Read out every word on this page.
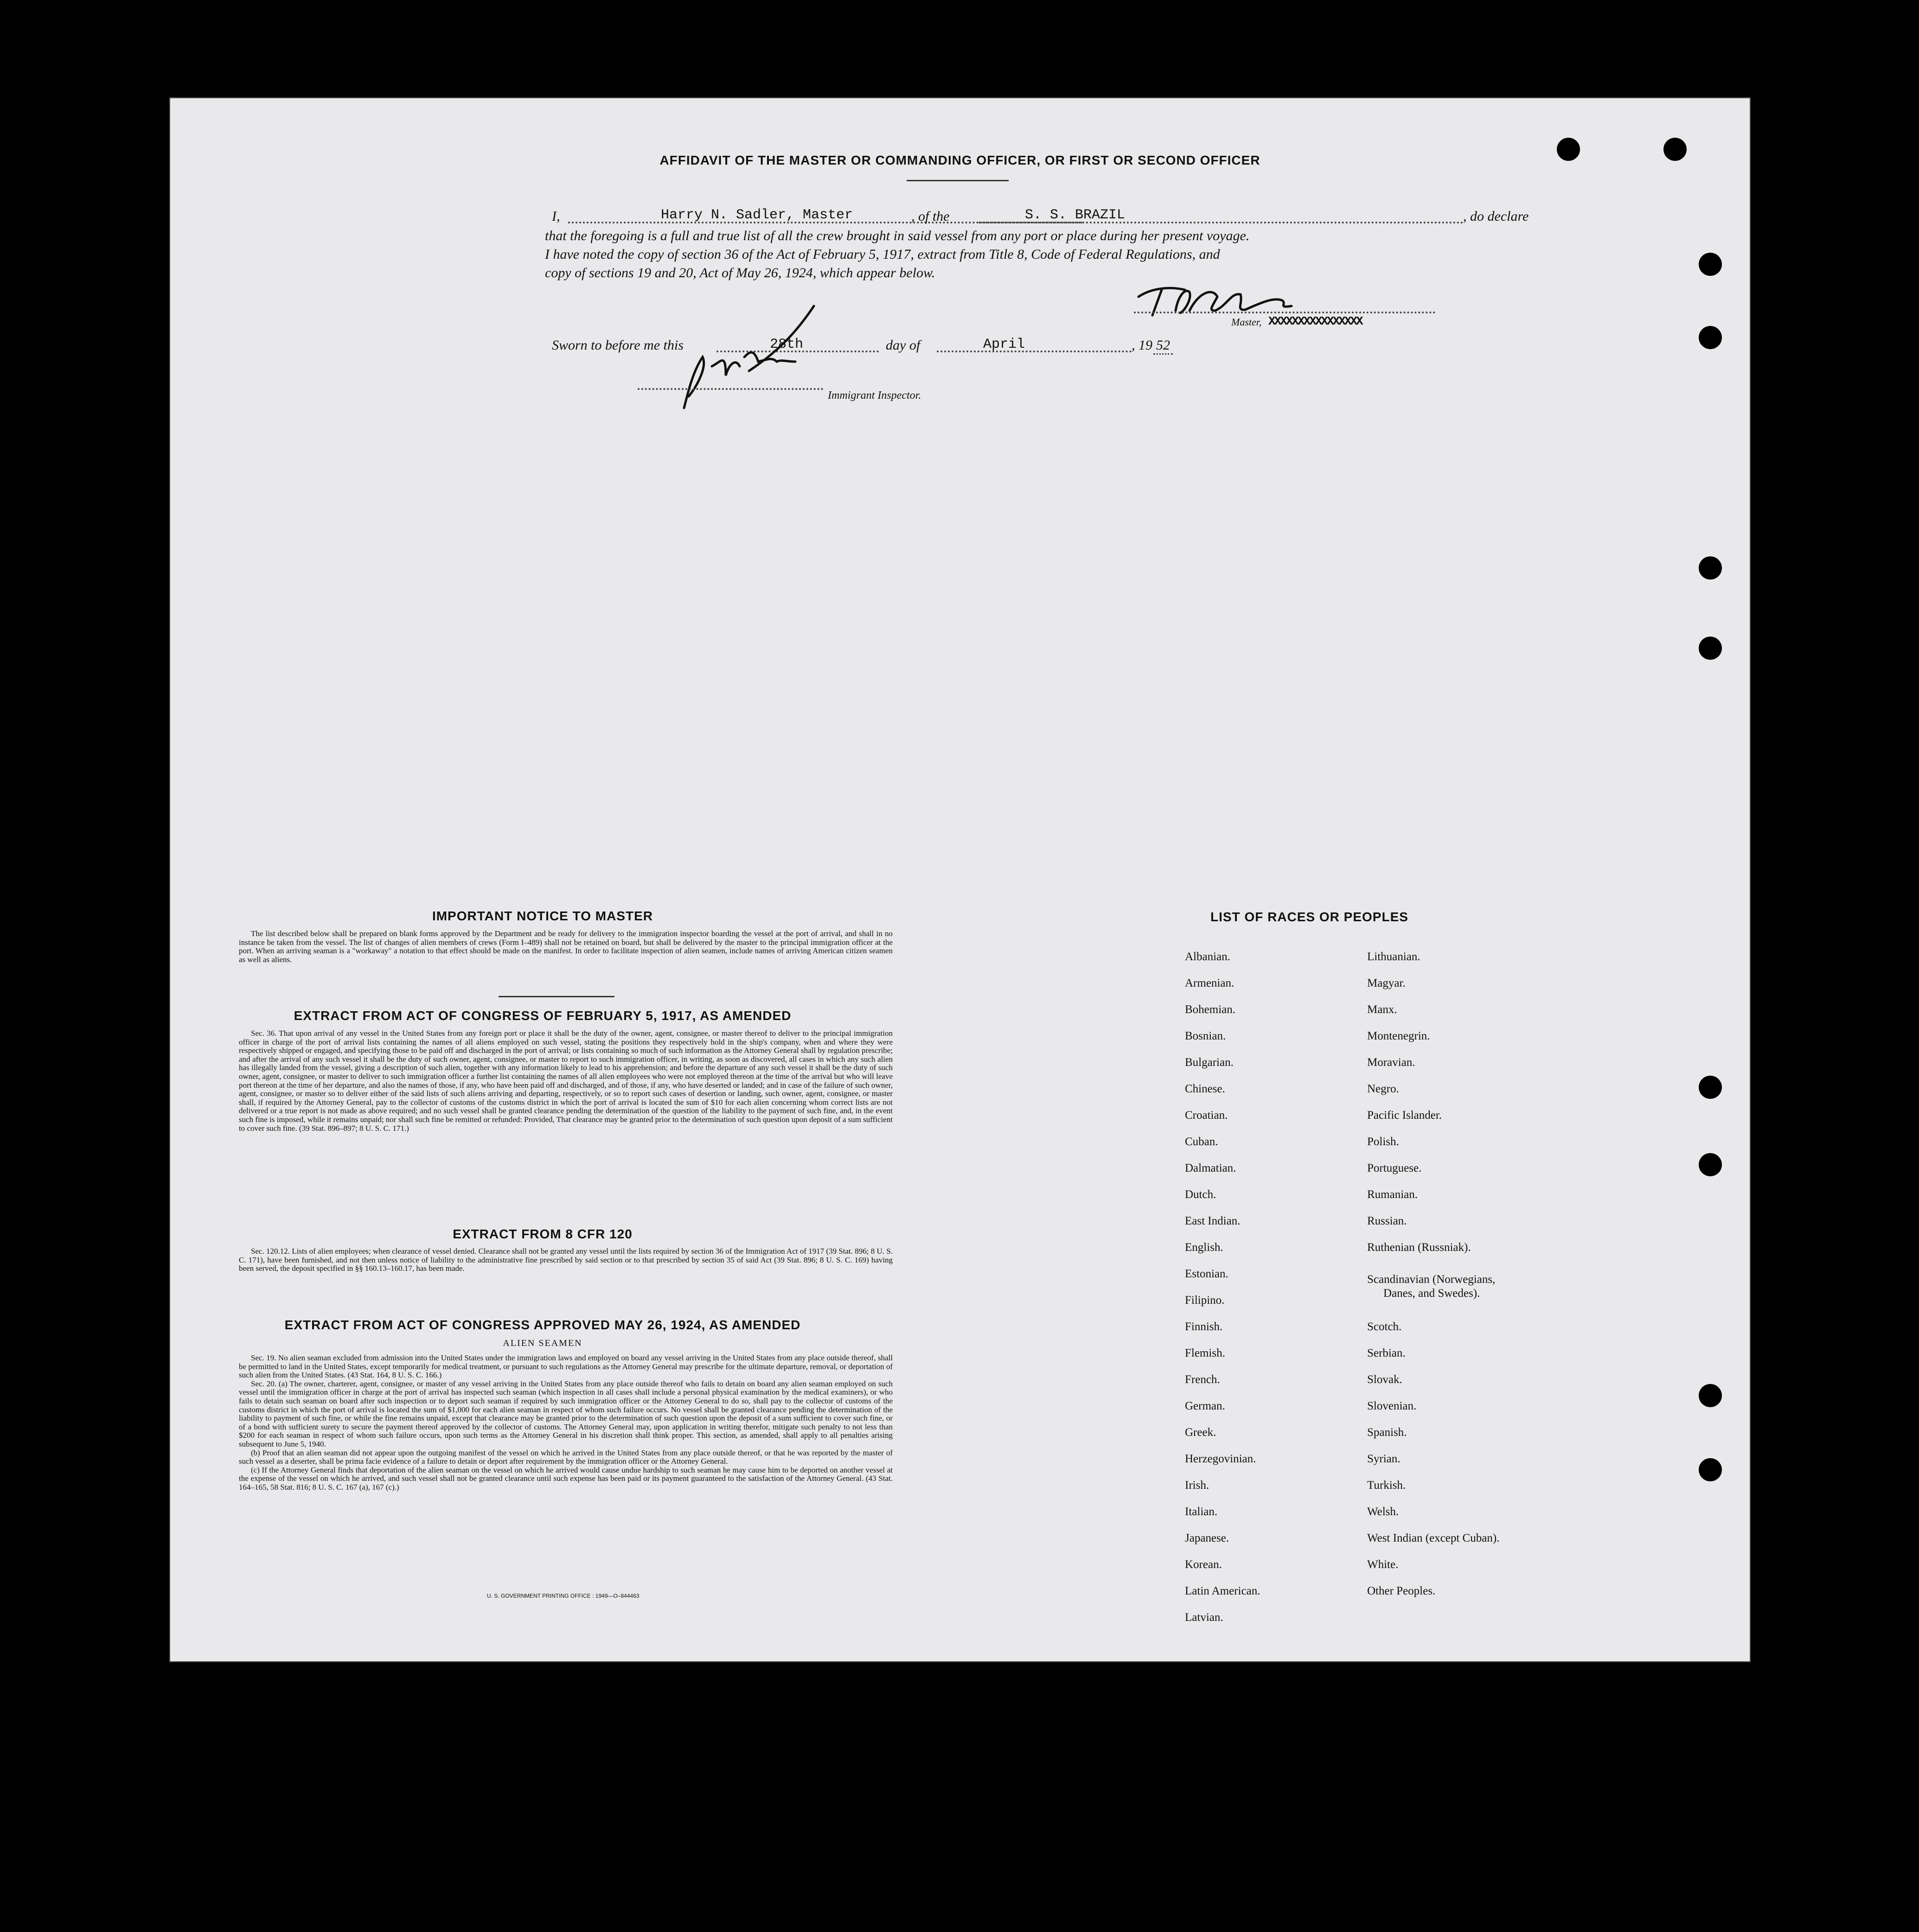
AFFIDAVIT OF THE MASTER OR COMMANDING OFFICER, OR FIRST OR SECOND OFFICER
I,	Harry N. Sadler, Master	, of the	S. S. BRAZIL	, do declare
that the foregoing is a full and true list of all the crew brought in said vessel from any port or place during her present voyage.
I have noted the copy of section 36 of the Act of February 5, 1917, extract from Title 8, Code of Federal Regulations, and
copy of sections 19 and 20, Act of May 26, 1924, which appear below.
Master, XXXXXXXXXXXXXXXX
Sworn to before me this	28th	day of	April	, 19 52
Immigrant Inspector.
IMPORTANT NOTICE TO MASTER

The list described below shall be prepared on blank forms approved by the Department and be ready for delivery to the immigration inspector boarding the vessel at the port of arrival, and shall in no instance be taken from the vessel. The list of changes of alien members of crews (Form I–489) shall not be retained on board, but shall be delivered by the master to the principal immigration officer at the port. When an arriving seaman is a "workaway" a notation to that effect should be made on the manifest. In order to facilitate inspection of alien seamen, include names of arriving American citizen seamen as well as aliens.

EXTRACT FROM ACT OF CONGRESS OF FEBRUARY 5, 1917, AS AMENDED

Sec. 36. That upon arrival of any vessel in the United States from any foreign port or place it shall be the duty of the owner, agent, consignee, or master thereof to deliver to the principal immigration officer in charge of the port of arrival lists containing the names of all aliens employed on such vessel, stating the positions they respectively hold in the ship's company, when and where they were respectively shipped or engaged, and specifying those to be paid off and discharged in the port of arrival; or lists containing so much of such information as the Attorney General shall by regulation prescribe; and after the arrival of any such vessel it shall be the duty of such owner, agent, consignee, or master to report to such immigration officer, in writing, as soon as discovered, all cases in which any such alien has illegally landed from the vessel, giving a description of such alien, together with any information likely to lead to his apprehension; and before the departure of any such vessel it shall be the duty of such owner, agent, consignee, or master to deliver to such immigration officer a further list containing the names of all alien employees who were not employed thereon at the time of the arrival but who will leave port thereon at the time of her departure, and also the names of those, if any, who have been paid off and discharged, and of those, if any, who have deserted or landed; and in case of the failure of such owner, agent, consignee, or master so to deliver either of the said lists of such aliens arriving and departing, respectively, or so to report such cases of desertion or landing, such owner, agent, consignee, or master shall, if required by the Attorney General, pay to the collector of customs of the customs district in which the port of arrival is located the sum of $10 for each alien concerning whom correct lists are not delivered or a true report is not made as above required; and no such vessel shall be granted clearance pending the determination of the question of the liability to the payment of such fine, and, in the event such fine is imposed, while it remains unpaid; nor shall such fine be remitted or refunded: Provided, That clearance may be granted prior to the determination of such question upon deposit of a sum sufficient to cover such fine. (39 Stat. 896–897; 8 U. S. C. 171.)

EXTRACT FROM 8 CFR 120

Sec. 120.12. Lists of alien employees; when clearance of vessel denied. Clearance shall not be granted any vessel until the lists required by section 36 of the Immigration Act of 1917 (39 Stat. 896; 8 U. S. C. 171), have been furnished, and not then unless notice of liability to the administrative fine prescribed by said section or to that prescribed by section 35 of said Act (39 Stat. 896; 8 U. S. C. 169) having been served, the deposit specified in §§ 160.13–160.17, has been made.

EXTRACT FROM ACT OF CONGRESS APPROVED MAY 26, 1924, AS AMENDED
ALIEN SEAMEN

Sec. 19. No alien seaman excluded from admission into the United States under the immigration laws and employed on board any vessel arriving in the United States from any place outside thereof, shall be permitted to land in the United States, except temporarily for medical treatment, or pursuant to such regulations as the Attorney General may prescribe for the ultimate departure, removal, or deportation of such alien from the United States. (43 Stat. 164, 8 U. S. C. 166.)

Sec. 20. (a) The owner, charterer, agent, consignee, or master of any vessel arriving in the United States from any place outside thereof who fails to detain on board any alien seaman employed on such vessel until the immigration officer in charge at the port of arrival has inspected such seaman (which inspection in all cases shall include a personal physical examination by the medical examiners), or who fails to detain such seaman on board after such inspection or to deport such seaman if required by such immigration officer or the Attorney General to do so, shall pay to the collector of customs of the customs district in which the port of arrival is located the sum of $1,000 for each alien seaman in respect of whom such failure occurs. No vessel shall be granted clearance pending the determination of the liability to payment of such fine, or while the fine remains unpaid, except that clearance may be granted prior to the determination of such question upon the deposit of a sum sufficient to cover such fine, or of a bond with sufficient surety to secure the payment thereof approved by the collector of customs. The Attorney General may, upon application in writing therefor, mitigate such penalty to not less than $200 for each seaman in respect of whom such failure occurs, upon such terms as the Attorney General in his discretion shall think proper. This section, as amended, shall apply to all penalties arising subsequent to June 5, 1940.

(b) Proof that an alien seaman did not appear upon the outgoing manifest of the vessel on which he arrived in the United States from any place outside thereof, or that he was reported by the master of such vessel as a deserter, shall be prima facie evidence of a failure to detain or deport after requirement by the immigration officer or the Attorney General.

(c) If the Attorney General finds that deportation of the alien seaman on the vessel on which he arrived would cause undue hardship to such seaman he may cause him to be deported on another vessel at the expense of the vessel on which he arrived, and such vessel shall not be granted clearance until such expense has been paid or its payment guaranteed to the satisfaction of the Attorney General. (43 Stat. 164–165, 58 Stat. 816; 8 U. S. C. 167 (a), 167 (c).)

U. S. GOVERNMENT PRINTING OFFICE : 1949—O–844463
LIST OF RACES OR PEOPLES
Albanian.
Armenian.
Bohemian.
Bosnian.
Bulgarian.
Chinese.
Croatian.
Cuban.
Dalmatian.
Dutch.
East Indian.
English.
Estonian.
Filipino.
Finnish.
Flemish.
French.
German.
Greek.
Herzegovinian.
Irish.
Italian.
Japanese.
Korean.
Latin American.
Latvian.
Lithuanian.
Magyar.
Manx.
Montenegrin.
Moravian.
Negro.
Pacific Islander.
Polish.
Portuguese.
Rumanian.
Russian.
Ruthenian (Russniak).
Scandinavian (Norwegians,
Danes, and Swedes).
Scotch.
Serbian.
Slovak.
Slovenian.
Spanish.
Syrian.
Turkish.
Welsh.
West Indian (except Cuban).
White.
Other Peoples.
